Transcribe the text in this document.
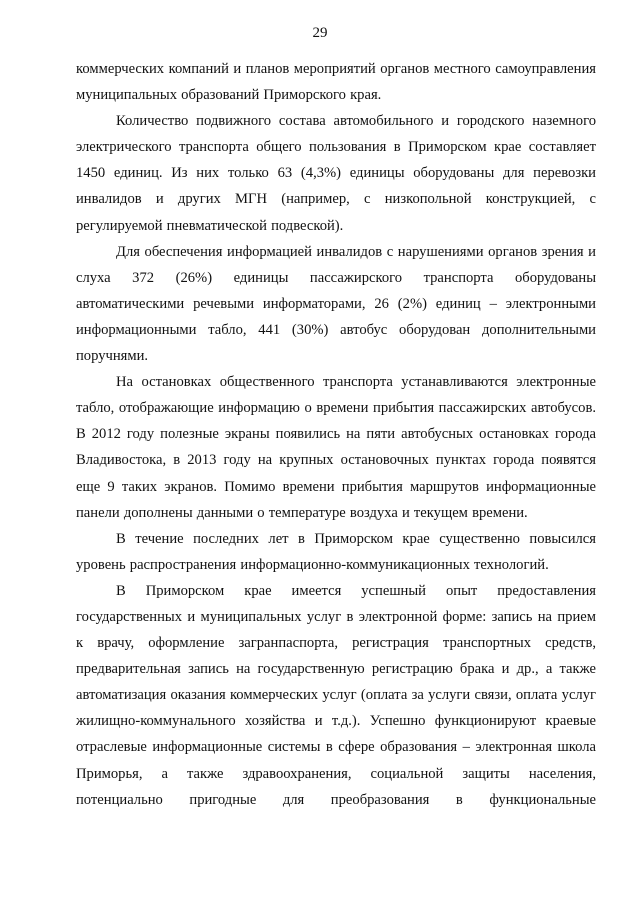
29

коммерческих компаний и планов мероприятий органов местного самоуправления муниципальных образований Приморского края.

Количество подвижного состава автомобильного и городского наземного электрического транспорта общего пользования в Приморском крае составляет 1450 единиц. Из них только 63 (4,3%) единицы оборудованы для перевозки инвалидов и других МГН (например, с низкопольной конструкцией, с регулируемой пневматической подвеской).

Для обеспечения информацией инвалидов с нарушениями органов зрения и слуха 372 (26%) единицы пассажирского транспорта оборудованы автоматическими речевыми информаторами, 26 (2%) единиц – электронными информационными табло, 441 (30%) автобус оборудован дополнительными поручнями.

На остановках общественного транспорта устанавливаются электронные табло, отображающие информацию о времени прибытия пассажирских автобусов. В 2012 году полезные экраны появились на пяти автобусных остановках города Владивостока, в 2013 году на крупных остановочных пунктах города появятся еще 9 таких экранов. Помимо времени прибытия маршрутов информационные панели дополнены данными о температуре воздуха и текущем времени.

В течение последних лет в Приморском крае существенно повысился уровень распространения информационно-коммуникационных технологий.

В Приморском крае имеется успешный опыт предоставления государственных и муниципальных услуг в электронной форме: запись на прием к врачу, оформление загранпаспорта, регистрация транспортных средств, предварительная запись на государственную регистрацию брака и др., а также автоматизация оказания коммерческих услуг (оплата за услуги связи, оплата услуг жилищно-коммунального хозяйства и т.д.). Успешно функционируют краевые отраслевые информационные системы в сфере образования – электронная школа Приморья, а также здравоохранения, социальной защиты населения, потенциально пригодные для преобразования в функциональные
